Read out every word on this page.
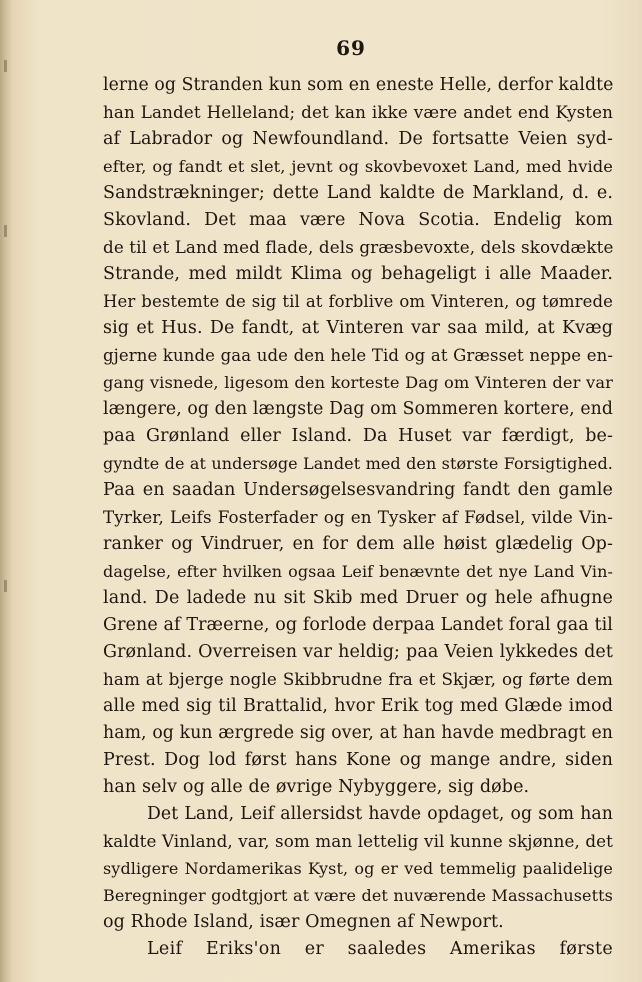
69
lerne og Stranden kun som en eneste Helle, derfor kaldte
han Landet Helleland; det kan ikke være andet end Kysten
af Labrador og Newfoundland. De fortsatte Veien syd-
efter, og fandt et slet, jevnt og skovbevoxet Land, med hvide
Sandstrækninger; dette Land kaldte de Markland, d. e.
Skovland. Det maa være Nova Scotia. Endelig kom
de til et Land med flade, dels græsbevoxte, dels skovdækte
Strande, med mildt Klima og behageligt i alle Maader.
Her bestemte de sig til at forblive om Vinteren, og tømrede
sig et Hus. De fandt, at Vinteren var saa mild, at Kvæg
gjerne kunde gaa ude den hele Tid og at Græsset neppe en-
gang visnede, ligesom den korteste Dag om Vinteren der var
længere, og den længste Dag om Sommeren kortere, end
paa Grønland eller Island. Da Huset var færdigt, be-
gyndte de at undersøge Landet med den største Forsigtighed.
Paa en saadan Undersøgelsesvandring fandt den gamle
Tyrker, Leifs Fosterfader og en Tysker af Fødsel, vilde Vin-
ranker og Vindruer, en for dem alle høist glædelig Op-
dagelse, efter hvilken ogsaa Leif benævnte det nye Land Vin-
land. De ladede nu sit Skib med Druer og hele afhugne
Grene af Træerne, og forlode derpaa Landet foral gaa til
Grønland. Overreisen var heldig; paa Veien lykkedes det
ham at bjerge nogle Skibbrudne fra et Skjær, og førte dem
alle med sig til Brattalid, hvor Erik tog med Glæde imod
ham, og kun ærgrede sig over, at han havde medbragt en
Prest. Dog lod først hans Kone og mange andre, siden
han selv og alle de øvrige Nybyggere, sig døbe.
Det Land, Leif allersidst havde opdaget, og som han
kaldte Vinland, var, som man lettelig vil kunne skjønne, det
sydligere Nordamerikas Kyst, og er ved temmelig paalidelige
Beregninger godtgjort at være det nuværende Massachusetts
og Rhode Island, især Omegnen af Newport.
Leif Eriks'on er saaledes Amerikas første
